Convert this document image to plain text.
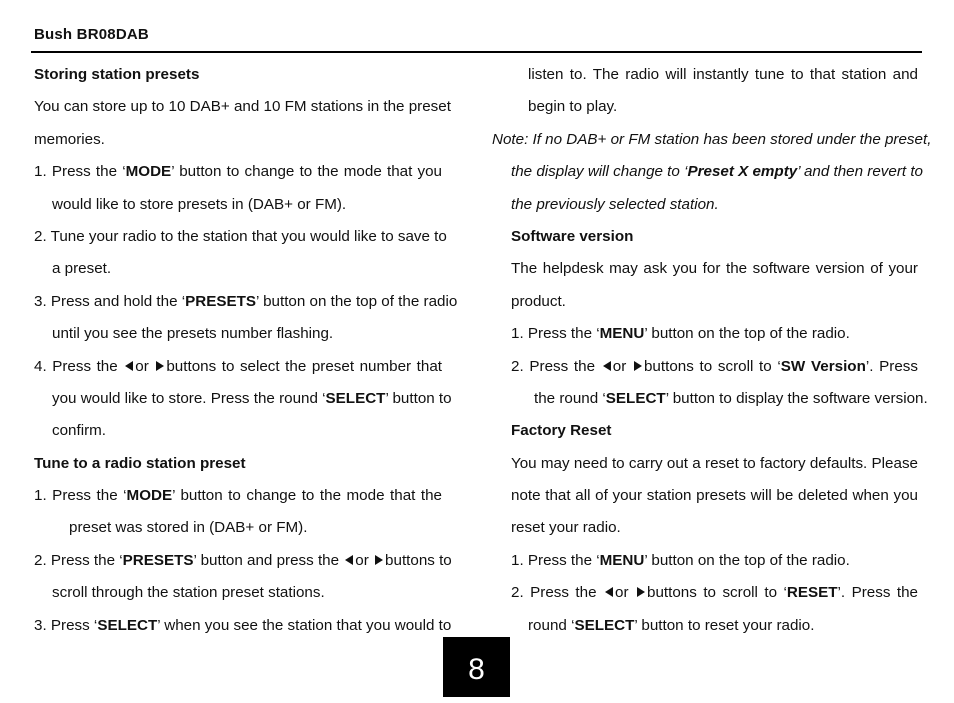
Bush BR08DAB
Storing station presets
You can store up to 10 DAB+ and 10 FM stations in the preset
memories.
1. Press the ‘MODE’ button to change to the mode that you
would like to store presets in (DAB+ or FM).
2. Tune your radio to the station that you would like to save to
a preset.
3. Press and hold the ‘PRESETS’ button on the top of the radio
until you see the presets number flashing.
4. Press the or buttons to select the preset number that
you would like to store. Press the round ‘SELECT’ button to
confirm.
Tune to a radio station preset
1. Press the ‘MODE’ button to change to the mode that the
preset was stored in (DAB+ or FM).
2. Press the ‘PRESETS’ button and press the or buttons to
scroll through the station preset stations.
3. Press ‘SELECT’ when you see the station that you would to
listen to. The radio will instantly tune to that station and
begin to play.
Note: If no DAB+ or FM station has been stored under the preset,
the display will change to ‘Preset X empty’ and then revert to
the previously selected station.
Software version
The helpdesk may ask you for the software version of your
product.
1. Press the ‘MENU’ button on the top of the radio.
2. Press the or buttons to scroll to ‘SW Version’. Press
the round ‘SELECT’ button to display the software version.
Factory Reset
You may need to carry out a reset to factory defaults. Please
note that all of your station presets will be deleted when you
reset your radio.
1. Press the ‘MENU’ button on the top of the radio.
2. Press the or buttons to scroll to ‘RESET’. Press the
round ‘SELECT’ button to reset your radio.
8
